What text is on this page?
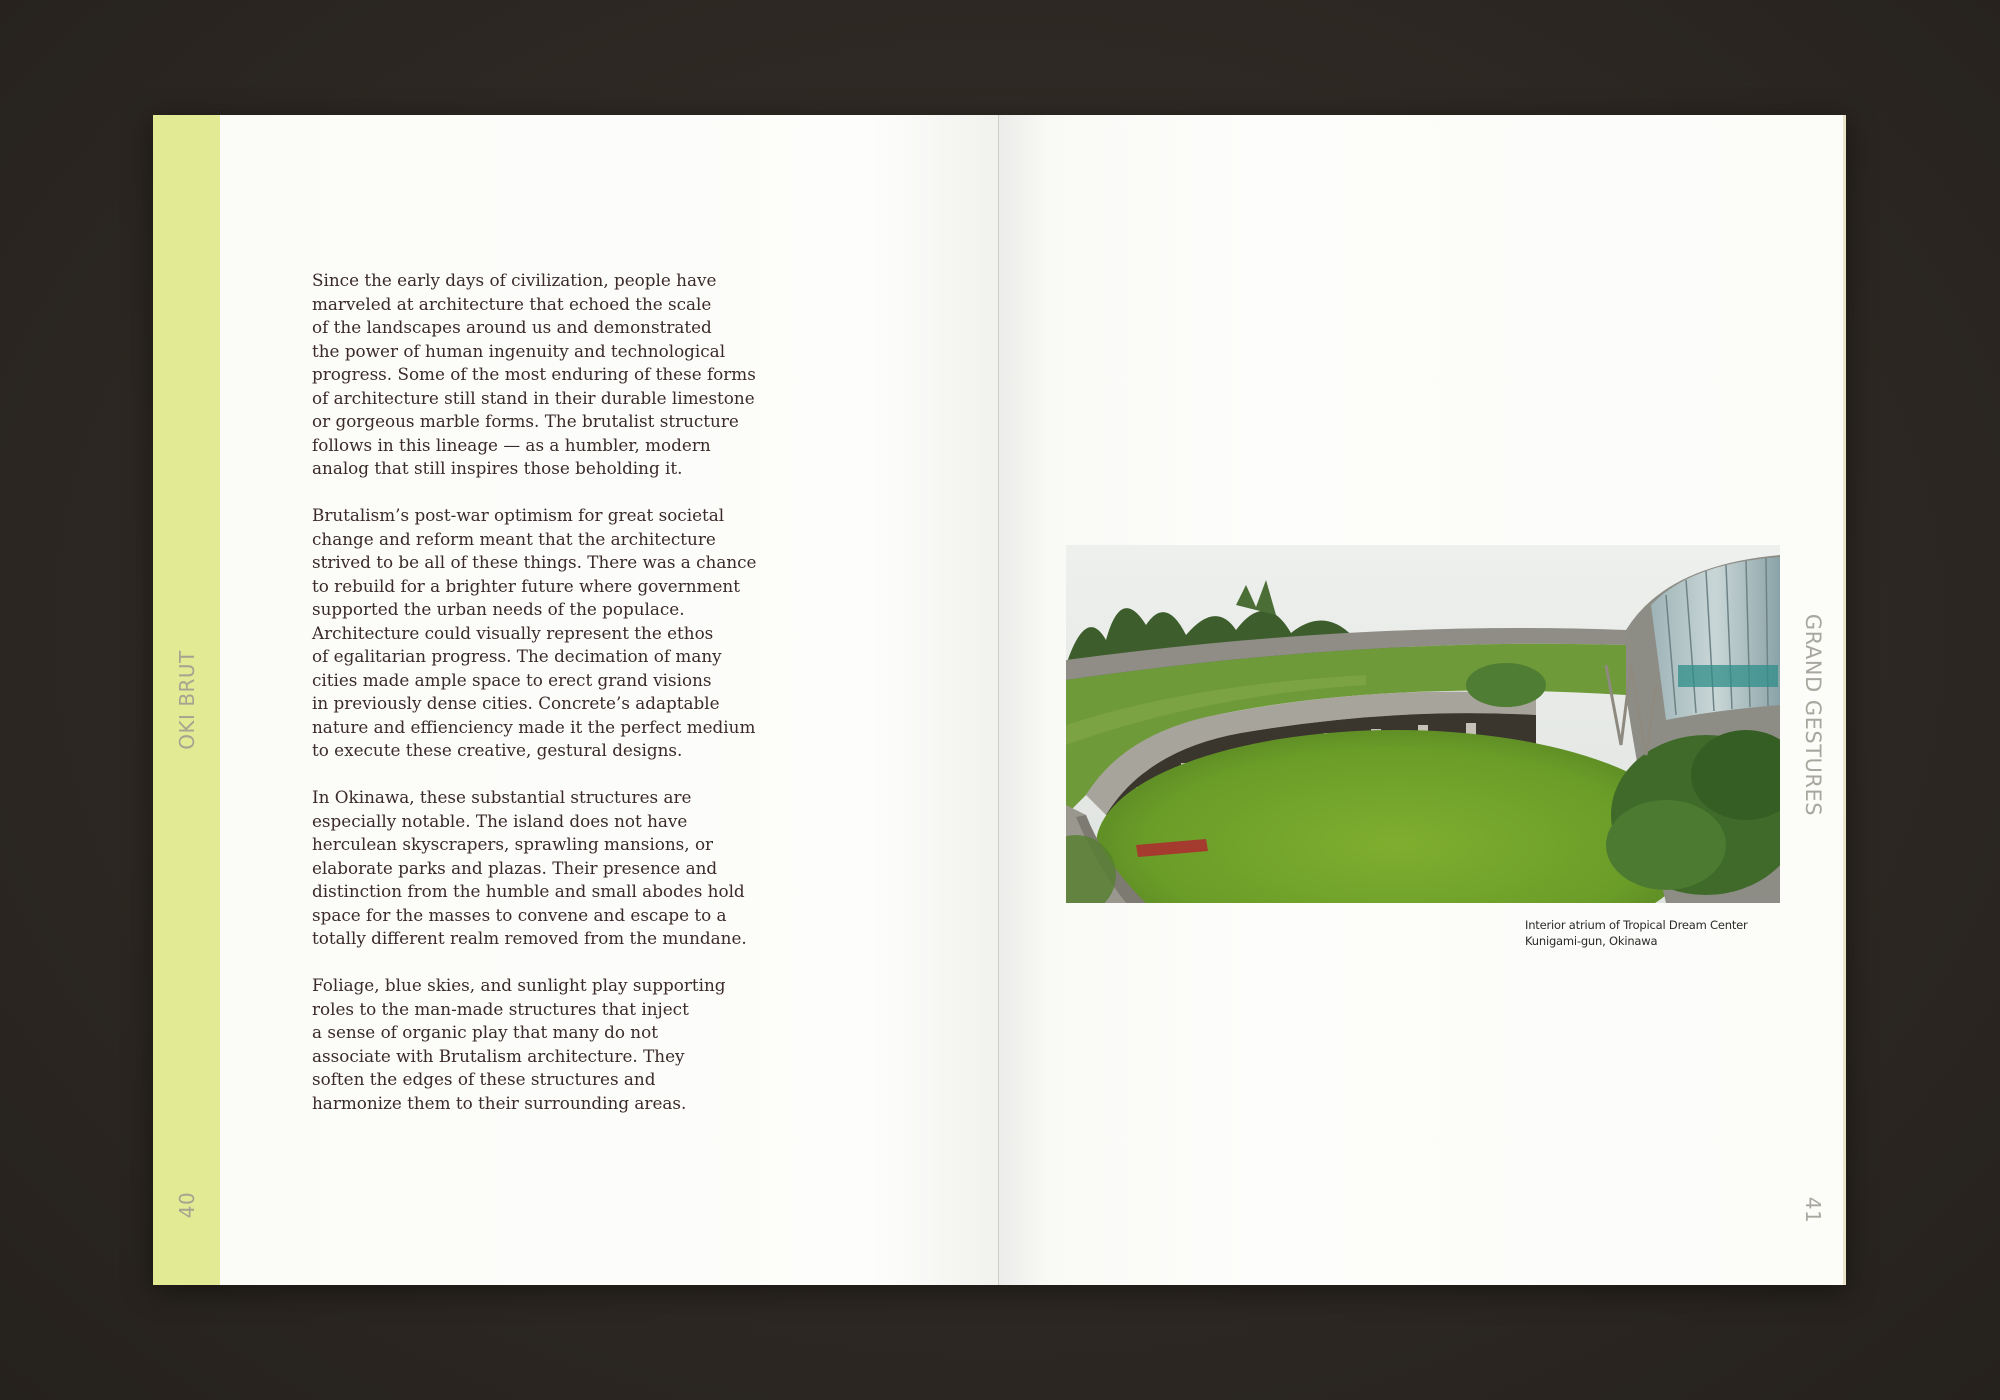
OKI BRUT
40

Since the early days of civilization, people have
marveled at architecture that echoed the scale
of the landscapes around us and demonstrated
the power of human ingenuity and technological
progress. Some of the most enduring of these forms
of architecture still stand in their durable limestone
or gorgeous marble forms. The brutalist structure
follows in this lineage — as a humbler, modern
analog that still inspires those beholding it.

Brutalism’s post-war optimism for great societal
change and reform meant that the architecture
strived to be all of these things. There was a chance
to rebuild for a brighter future where government
supported the urban needs of the populace.
Architecture could visually represent the ethos
of egalitarian progress. The decimation of many
cities made ample space to erect grand visions
in previously dense cities. Concrete’s adaptable
nature and effienciency made it the perfect medium
to execute these creative, gestural designs.

In Okinawa, these substantial structures are
especially notable. The island does not have
herculean skyscrapers, sprawling mansions, or
elaborate parks and plazas. Their presence and
distinction from the humble and small abodes hold
space for the masses to convene and escape to a
totally different realm removed from the mundane.

Foliage, blue skies, and sunlight play supporting
roles to the man-made structures that inject
a sense of organic play that many do not
associate with Brutalism architecture. They
soften the edges of these structures and
harmonize them to their surrounding areas.

GRAND GESTURES
41
Interior atrium of Tropical Dream Center
Kunigami-gun, Okinawa
